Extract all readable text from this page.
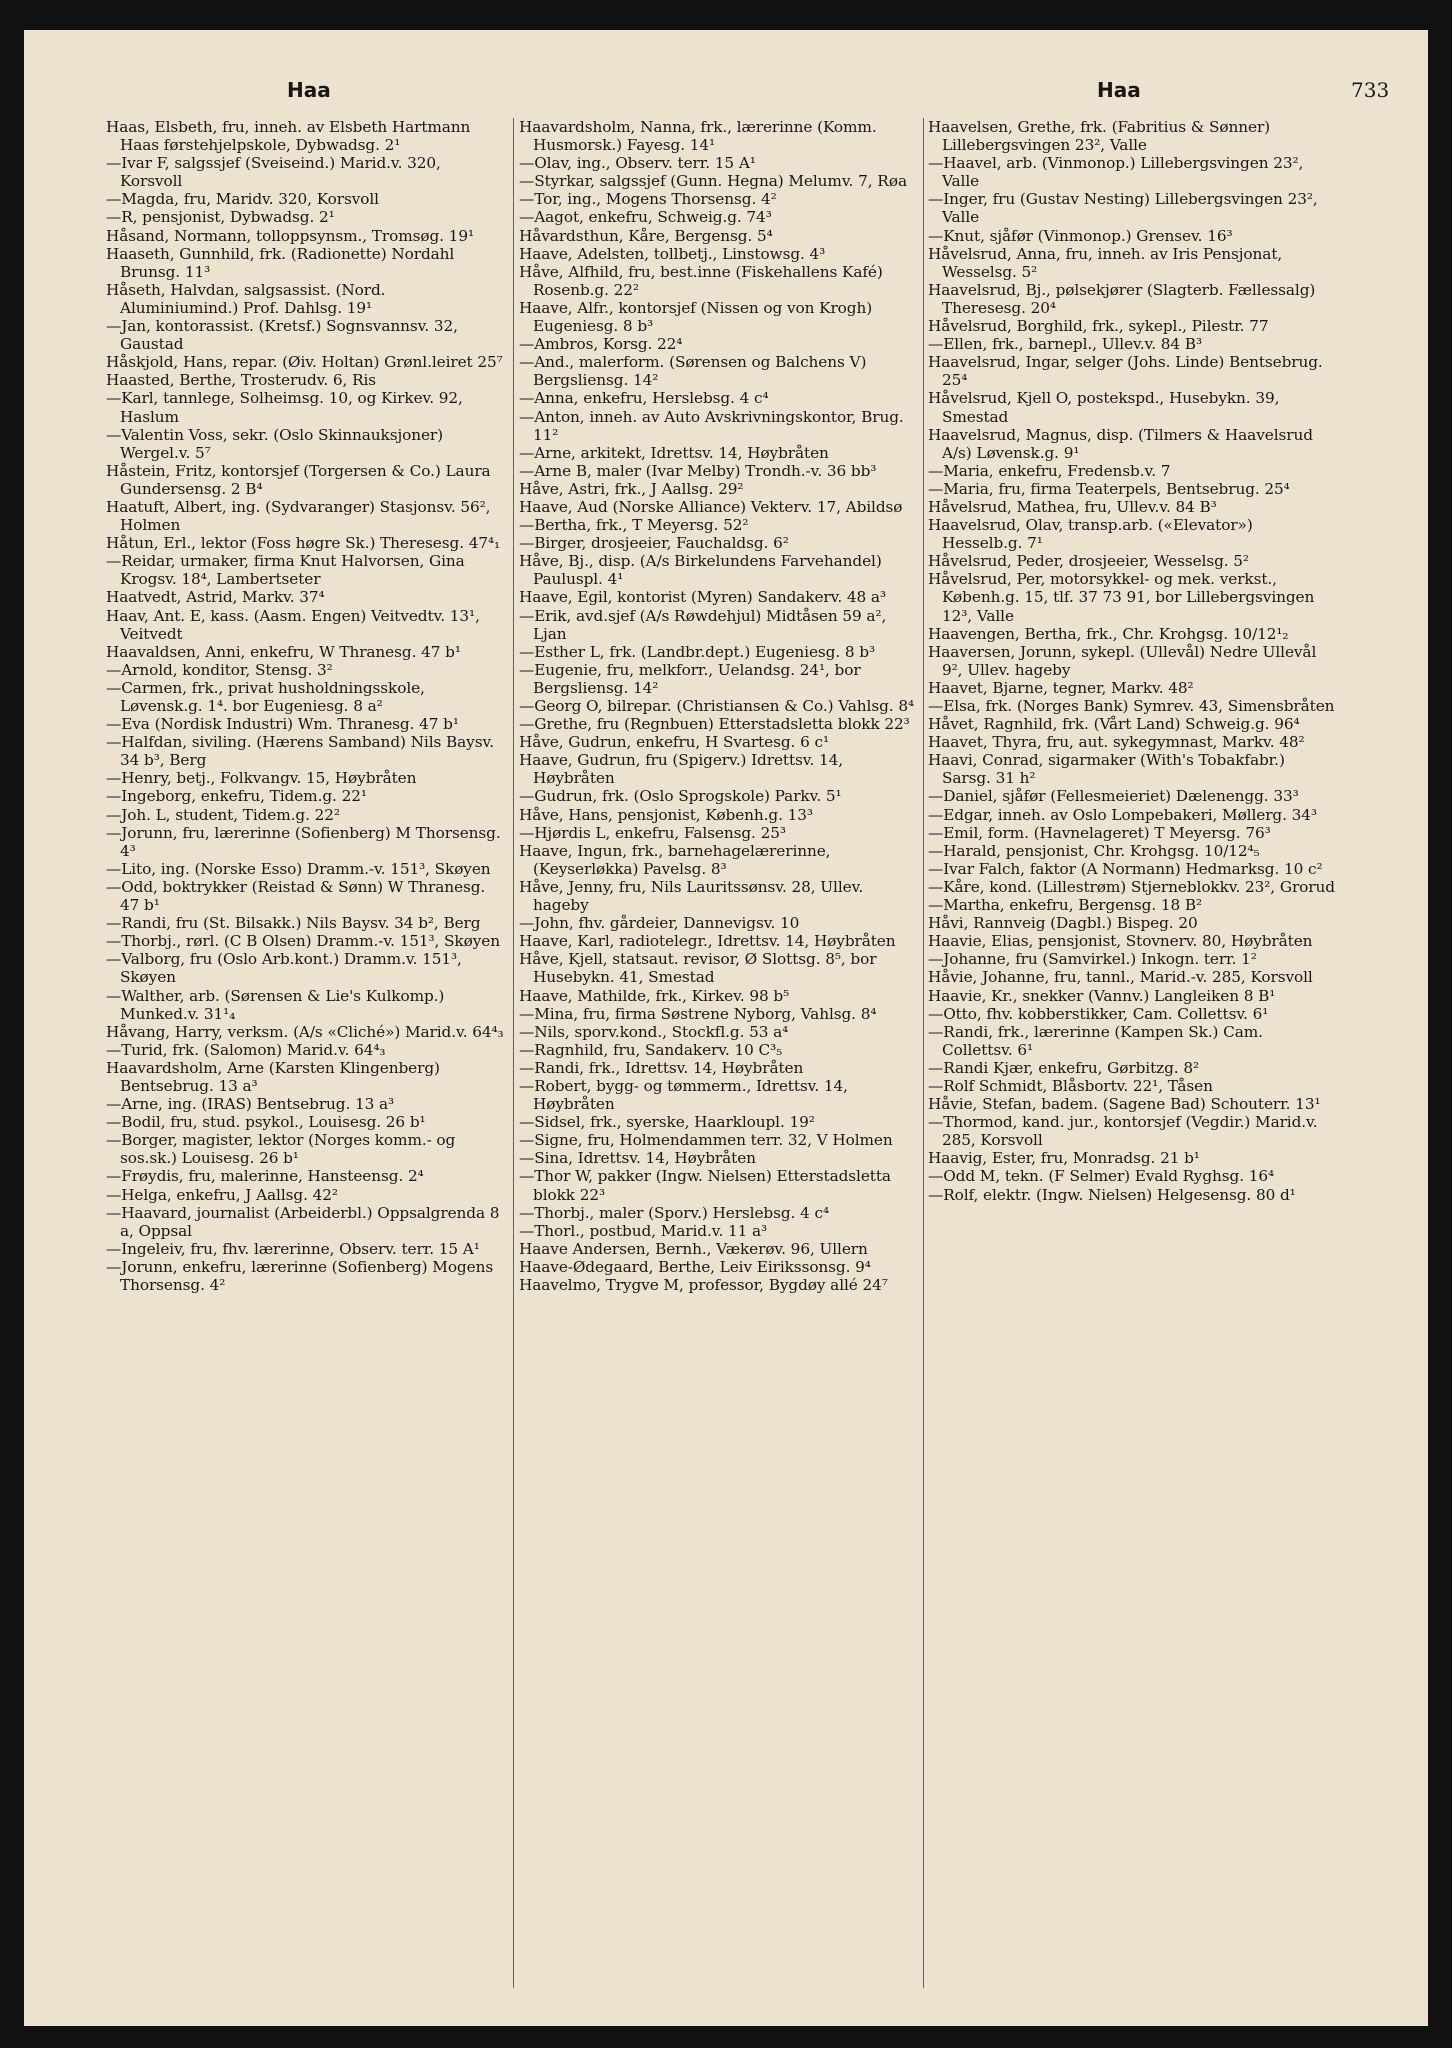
Haa	Haa	733

Haas, Elsbeth, fru, inneh. av Elsbeth Hartmann Haas førstehjelpskole, Dybwadsg. 2¹

—Ivar F, salgssjef (Sveiseind.) Marid.v. 320, Korsvoll

—Magda, fru, Maridv. 320, Korsvoll

—R, pensjonist, Dybwadsg. 2¹

Håsand, Normann, tolloppsynsm., Tromsøg. 19¹

Haaseth, Gunnhild, frk. (Radionette) Nordahl Brunsg. 11³

Håseth, Halvdan, salgsassist. (Nord. Aluminiumind.) Prof. Dahlsg. 19¹

—Jan, kontorassist. (Kretsf.) Sognsvannsv. 32, Gaustad

Håskjold, Hans, repar. (Øiv. Holtan) Grønl.leiret 25⁷

Haasted, Berthe, Trosterudv. 6, Ris

—Karl, tannlege, Solheimsg. 10, og Kirkev. 92, Haslum

—Valentin Voss, sekr. (Oslo Skinnauksjoner) Wergel.v. 5⁷

Håstein, Fritz, kontorsjef (Torgersen & Co.) Laura Gundersensg. 2 B⁴

Haatuft, Albert, ing. (Sydvaranger) Stasjonsv. 56², Holmen

Håtun, Erl., lektor (Foss høgre Sk.) Theresesg. 47⁴₁

—Reidar, urmaker, firma Knut Halvorsen, Gina Krogsv. 18⁴, Lambertseter

Haatvedt, Astrid, Markv. 37⁴

Haav, Ant. E, kass. (Aasm. Engen) Veitvedtv. 13¹, Veitvedt

Haavaldsen, Anni, enkefru, W Thranesg. 47 b¹

—Arnold, konditor, Stensg. 3²

—Carmen, frk., privat husholdningsskole, Løvensk.g. 1⁴. bor Eugeniesg. 8 a²

—Eva (Nordisk Industri) Wm. Thranesg. 47 b¹

—Halfdan, siviling. (Hærens Samband) Nils Baysv. 34 b³, Berg

—Henry, betj., Folkvangv. 15, Høybråten

—Ingeborg, enkefru, Tidem.g. 22¹

—Joh. L, student, Tidem.g. 22²

—Jorunn, fru, lærerinne (Sofienberg) M Thorsensg. 4³

—Lito, ing. (Norske Esso) Dramm.-v. 151³, Skøyen

—Odd, boktrykker (Reistad & Sønn) W Thranesg. 47 b¹

—Randi, fru (St. Bilsakk.) Nils Baysv. 34 b², Berg

—Thorbj., rørl. (C B Olsen) Dramm.-v. 151³, Skøyen

—Valborg, fru (Oslo Arb.kont.) Dramm.v. 151³, Skøyen

—Walther, arb. (Sørensen & Lie's Kulkomp.) Munked.v. 31¹₄

Håvang, Harry, verksm. (A/s «Cliché») Marid.v. 64⁴₃

—Turid, frk. (Salomon) Marid.v. 64⁴₃

Haavardsholm, Arne (Karsten Klingenberg) Bentsebrug. 13 a³

—Arne, ing. (IRAS) Bentsebrug. 13 a³

—Bodil, fru, stud. psykol., Louisesg. 26 b¹

—Borger, magister, lektor (Norges komm.- og sos.sk.) Louisesg. 26 b¹

—Frøydis, fru, malerinne, Hansteensg. 2⁴

—Helga, enkefru, J Aallsg. 42²

—Haavard, journalist (Arbeiderbl.) Oppsalgrenda 8 a, Oppsal

—Ingeleiv, fru, fhv. lærerinne, Observ. terr. 15 A¹

—Jorunn, enkefru, lærerinne (Sofienberg) Mogens Thorsensg. 4²

Haavardsholm, Nanna, frk., lærerinne (Komm. Husmorsk.) Fayesg. 14¹

—Olav, ing., Observ. terr. 15 A¹

—Styrkar, salgssjef (Gunn. Hegna) Melumv. 7, Røa

—Tor, ing., Mogens Thorsensg. 4²

—Aagot, enkefru, Schweig.g. 74³

Håvardsthun, Kåre, Bergensg. 5⁴

Haave, Adelsten, tollbetj., Linstowsg. 4³

Håve, Alfhild, fru, best.inne (Fiskehallens Kafé) Rosenb.g. 22²

Haave, Alfr., kontorsjef (Nissen og von Krogh) Eugeniesg. 8 b³

—Ambros, Korsg. 22⁴

—And., malerform. (Sørensen og Balchens V) Bergsliensg. 14²

—Anna, enkefru, Herslebsg. 4 c⁴

—Anton, inneh. av Auto Avskrivningskontor, Brug. 11²

—Arne, arkitekt, Idrettsv. 14, Høybråten

—Arne B, maler (Ivar Melby) Trondh.-v. 36 bb³

Håve, Astri, frk., J Aallsg. 29²

Haave, Aud (Norske Alliance) Vekterv. 17, Abildsø

—Bertha, frk., T Meyersg. 52²

—Birger, drosjeeier, Fauchaldsg. 6²

Håve, Bj., disp. (A/s Birkelundens Farvehandel) Pauluspl. 4¹

Haave, Egil, kontorist (Myren) Sandakerv. 48 a³

—Erik, avd.sjef (A/s Røwdehjul) Midtåsen 59 a², Ljan

—Esther L, frk. (Landbr.dept.) Eugeniesg. 8 b³

—Eugenie, fru, melkforr., Uelandsg. 24¹, bor Bergsliensg. 14²

—Georg O, bilrepar. (Christiansen & Co.) Vahlsg. 8⁴

—Grethe, fru (Regnbuen) Etterstadsletta blokk 22³

Håve, Gudrun, enkefru, H Svartesg. 6 c¹

Haave, Gudrun, fru (Spigerv.) Idrettsv. 14, Høybråten

—Gudrun, frk. (Oslo Sprogskole) Parkv. 5¹

Håve, Hans, pensjonist, Københ.g. 13³

—Hjørdis L, enkefru, Falsensg. 25³

Haave, Ingun, frk., barnehagelærerinne, (Keyserløkka) Pavelsg. 8³

Håve, Jenny, fru, Nils Lauritssønsv. 28, Ullev. hageby

—John, fhv. gårdeier, Dannevigsv. 10

Haave, Karl, radiotelegr., Idrettsv. 14, Høybråten

Håve, Kjell, statsaut. revisor, Ø Slottsg. 8⁵, bor Husebykn. 41, Smestad

Haave, Mathilde, frk., Kirkev. 98 b⁵

—Mina, fru, firma Søstrene Nyborg, Vahlsg. 8⁴

—Nils, sporv.kond., Stockfl.g. 53 a⁴

—Ragnhild, fru, Sandakerv. 10 C³₅

—Randi, frk., Idrettsv. 14, Høybråten

—Robert, bygg- og tømmerm., Idrettsv. 14, Høybråten

—Sidsel, frk., syerske, Haarkloupl. 19²

—Signe, fru, Holmendammen terr. 32, V Holmen

—Sina, Idrettsv. 14, Høybråten

—Thor W, pakker (Ingw. Nielsen) Etterstadsletta blokk 22³

—Thorbj., maler (Sporv.) Herslebsg. 4 c⁴

—Thorl., postbud, Marid.v. 11 a³

Haave Andersen, Bernh., Vækerøv. 96, Ullern

Haave-Ødegaard, Berthe, Leiv Eirikssonsg. 9⁴

Haavelmo, Trygve M, professor, Bygdøy allé 24⁷

Haavelsen, Grethe, frk. (Fabritius & Sønner) Lillebergsvingen 23², Valle

—Haavel, arb. (Vinmonop.) Lillebergsvingen 23², Valle

—Inger, fru (Gustav Nesting) Lillebergsvingen 23², Valle

—Knut, sjåfør (Vinmonop.) Grensev. 16³

Håvelsrud, Anna, fru, inneh. av Iris Pensjonat, Wesselsg. 5²

Haavelsrud, Bj., pølsekjører (Slagterb. Fællessalg) Theresesg. 20⁴

Håvelsrud, Borghild, frk., sykepl., Pilestr. 77

—Ellen, frk., barnepl., Ullev.v. 84 B³

Haavelsrud, Ingar, selger (Johs. Linde) Bentsebrug. 25⁴

Håvelsrud, Kjell O, postekspd., Husebykn. 39, Smestad

Haavelsrud, Magnus, disp. (Tilmers & Haavelsrud A/s) Løvensk.g. 9¹

—Maria, enkefru, Fredensb.v. 7

—Maria, fru, firma Teaterpels, Bentsebrug. 25⁴

Håvelsrud, Mathea, fru, Ullev.v. 84 B³

Haavelsrud, Olav, transp.arb. («Elevator») Hesselb.g. 7¹

Håvelsrud, Peder, drosjeeier, Wesselsg. 5²

Håvelsrud, Per, motorsykkel- og mek. verkst., Københ.g. 15, tlf. 37 73 91, bor Lillebergsvingen 12³, Valle

Haavengen, Bertha, frk., Chr. Krohgsg. 10/12¹₂

Haaversen, Jorunn, sykepl. (Ullevål) Nedre Ullevål 9², Ullev. hageby

Haavet, Bjarne, tegner, Markv. 48²

—Elsa, frk. (Norges Bank) Symrev. 43, Simensbråten

Håvet, Ragnhild, frk. (Vårt Land) Schweig.g. 96⁴

Haavet, Thyra, fru, aut. sykegymnast, Markv. 48²

Haavi, Conrad, sigarmaker (With's Tobakfabr.) Sarsg. 31 h²

—Daniel, sjåfør (Fellesmeieriet) Dælenengg. 33³

—Edgar, inneh. av Oslo Lompebakeri, Møllerg. 34³

—Emil, form. (Havnelageret) T Meyersg. 76³

—Harald, pensjonist, Chr. Krohgsg. 10/12⁴₅

—Ivar Falch, faktor (A Normann) Hedmarksg. 10 c²

—Kåre, kond. (Lillestrøm) Stjerneblokkv. 23², Grorud

—Martha, enkefru, Bergensg. 18 B²

Håvi, Rannveig (Dagbl.) Bispeg. 20

Haavie, Elias, pensjonist, Stovnerv. 80, Høybråten

—Johanne, fru (Samvirkel.) Inkogn. terr. 1²

Håvie, Johanne, fru, tannl., Marid.-v. 285, Korsvoll

Haavie, Kr., snekker (Vannv.) Langleiken 8 B¹

—Otto, fhv. kobberstikker, Cam. Collettsv. 6¹

—Randi, frk., lærerinne (Kampen Sk.) Cam. Collettsv. 6¹

—Randi Kjær, enkefru, Gørbitzg. 8²

—Rolf Schmidt, Blåsbortv. 22¹, Tåsen

Håvie, Stefan, badem. (Sagene Bad) Schouterr. 13¹

—Thormod, kand. jur., kontorsjef (Vegdir.) Marid.v. 285, Korsvoll

Haavig, Ester, fru, Monradsg. 21 b¹

—Odd M, tekn. (F Selmer) Evald Ryghsg. 16⁴

—Rolf, elektr. (Ingw. Nielsen) Helgesensg. 80 d¹
